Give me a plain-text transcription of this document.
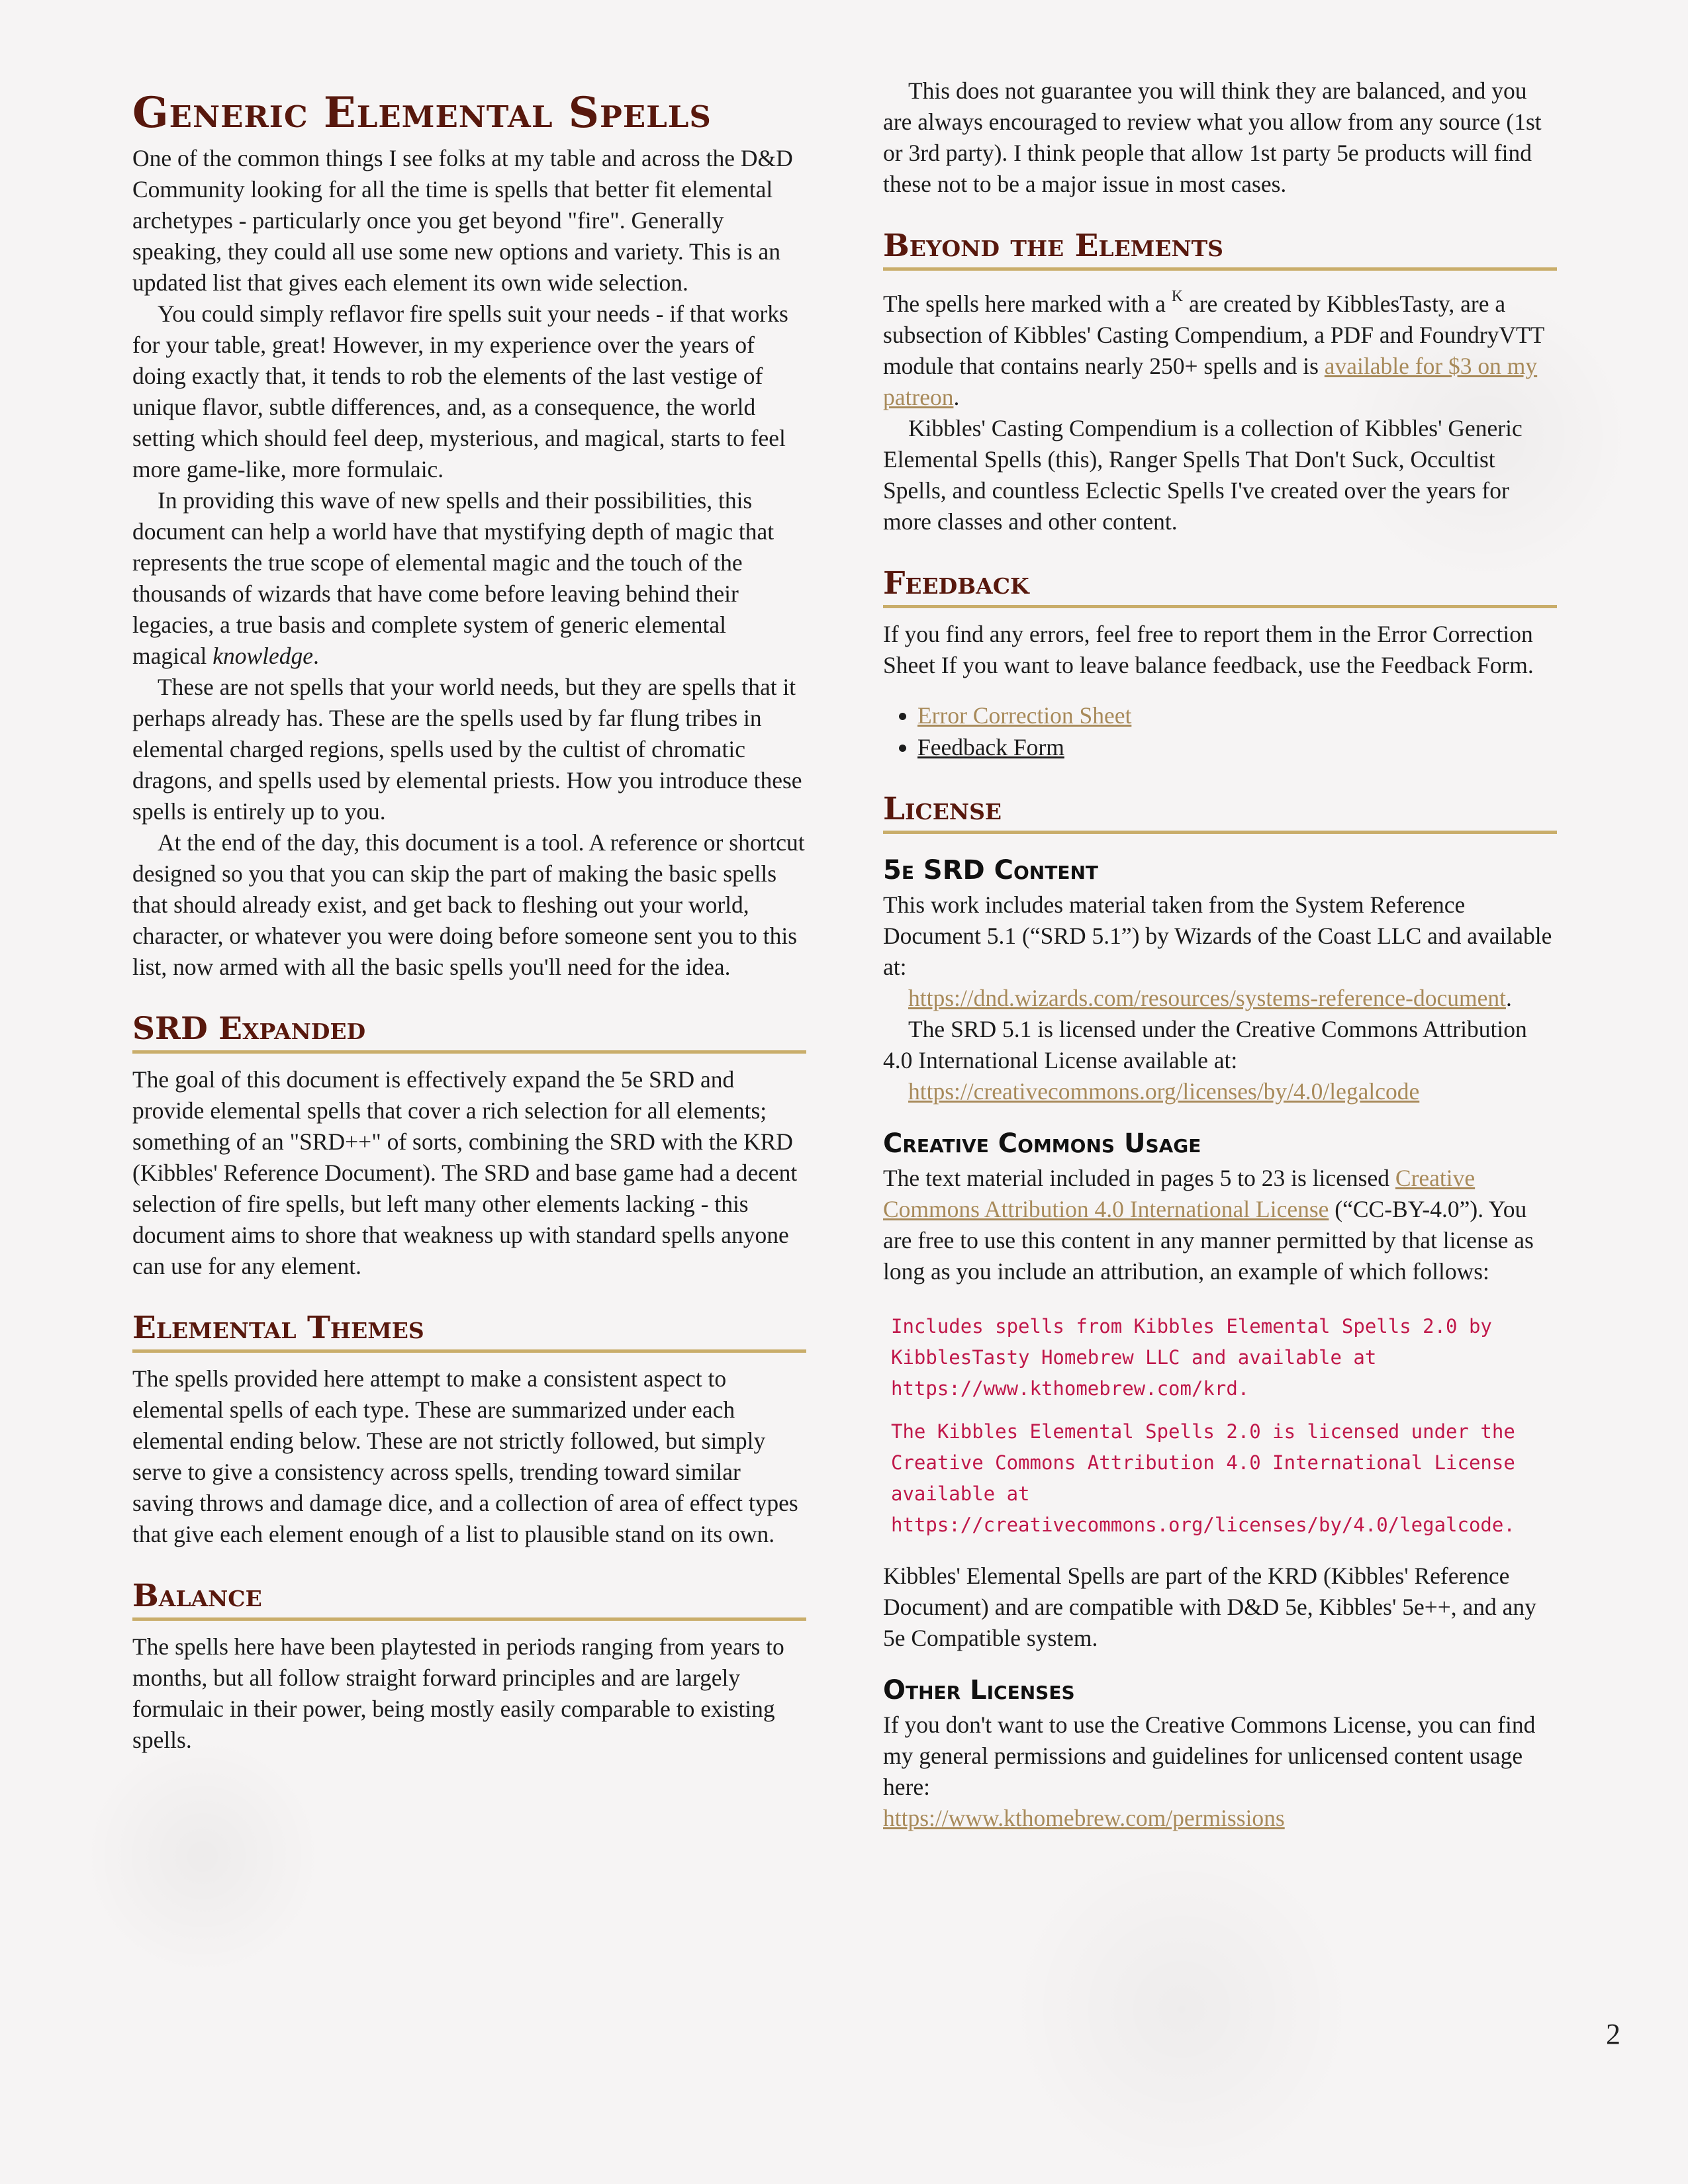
Generic Elemental Spells

One of the common things I see folks at my table and across the D&D Community looking for all the time is spells that better fit elemental archetypes - particularly once you get beyond "fire". Generally speaking, they could all use some new options and variety. This is an updated list that gives each element its own wide selection.

You could simply reflavor fire spells suit your needs - if that works for your table, great! However, in my experience over the years of doing exactly that, it tends to rob the elements of the last vestige of unique flavor, subtle differences, and, as a consequence, the world setting which should feel deep, mysterious, and magical, starts to feel more game-like, more formulaic.

In providing this wave of new spells and their possibilities, this document can help a world have that mystifying depth of magic that represents the true scope of elemental magic and the touch of the thousands of wizards that have come before leaving behind their legacies, a true basis and complete system of generic elemental magical knowledge.

These are not spells that your world needs, but they are spells that it perhaps already has. These are the spells used by far flung tribes in elemental charged regions, spells used by the cultist of chromatic dragons, and spells used by elemental priests. How you introduce these spells is entirely up to you.

At the end of the day, this document is a tool. A reference or shortcut designed so you that you can skip the part of making the basic spells that should already exist, and get back to fleshing out your world, character, or whatever you were doing before someone sent you to this list, now armed with all the basic spells you'll need for the idea.

SRD Expanded

The goal of this document is effectively expand the 5e SRD and provide elemental spells that cover a rich selection for all elements; something of an "SRD++" of sorts, combining the SRD with the KRD (Kibbles' Reference Document). The SRD and base game had a decent selection of fire spells, but left many other elements lacking - this document aims to shore that weakness up with standard spells anyone can use for any element.

Elemental Themes

The spells provided here attempt to make a consistent aspect to elemental spells of each type. These are summarized under each elemental ending below. These are not strictly followed, but simply serve to give a consistency across spells, trending toward similar saving throws and damage dice, and a collection of area of effect types that give each element enough of a list to plausible stand on its own.

Balance

The spells here have been playtested in periods ranging from years to months, but all follow straight forward principles and are largely formulaic in their power, being mostly easily comparable to existing spells.

This does not guarantee you will think they are balanced, and you are always encouraged to review what you allow from any source (1st or 3rd party). I think people that allow 1st party 5e products will find these not to be a major issue in most cases.

Beyond the Elements

The spells here marked with a $^K$ are created by KibblesTasty, are a subsection of Kibbles' Casting Compendium, a PDF and FoundryVTT module that contains nearly 250+ spells and is available for $3 on my patreon.

Kibbles' Casting Compendium is a collection of Kibbles' Generic Elemental Spells (this), Ranger Spells That Don't Suck, Occultist Spells, and countless Eclectic Spells I've created over the years for more classes and other content.

Feedback

If you find any errors, feel free to report them in the Error Correction Sheet If you want to leave balance feedback, use the Feedback Form.

• Error Correction Sheet
• Feedback Form
License
5e SRD Content

This work includes material taken from the System Reference Document 5.1 (“SRD 5.1”) by Wizards of the Coast LLC and available at:

https://dnd.wizards.com/resources/systems-reference-document.

The SRD 5.1 is licensed under the Creative Commons Attribution 4.0 International License available at:

https://creativecommons.org/licenses/by/4.0/legalcode

Creative Commons Usage

The text material included in pages 5 to 23 is licensed Creative Commons Attribution 4.0 International License (“CC-BY-4.0”). You are free to use this content in any manner permitted by that license as long as you include an attribution, an example of which follows:

Includes spells from Kibbles Elemental Spells 2.0 by KibblesTasty Homebrew LLC and available at https://www.kthomebrew.com/krd.
The Kibbles Elemental Spells 2.0 is licensed under the Creative Commons Attribution 4.0 International License available at https://creativecommons.org/licenses/by/4.0/legalcode.

Kibbles' Elemental Spells are part of the KRD (Kibbles' Reference Document) and are compatible with D&D 5e, Kibbles' 5e++, and any 5e Compatible system.

Other Licenses

If you don't want to use the Creative Commons License, you can find my general permissions and guidelines for unlicensed content usage here:

https://www.kthomebrew.com/permissions

2
